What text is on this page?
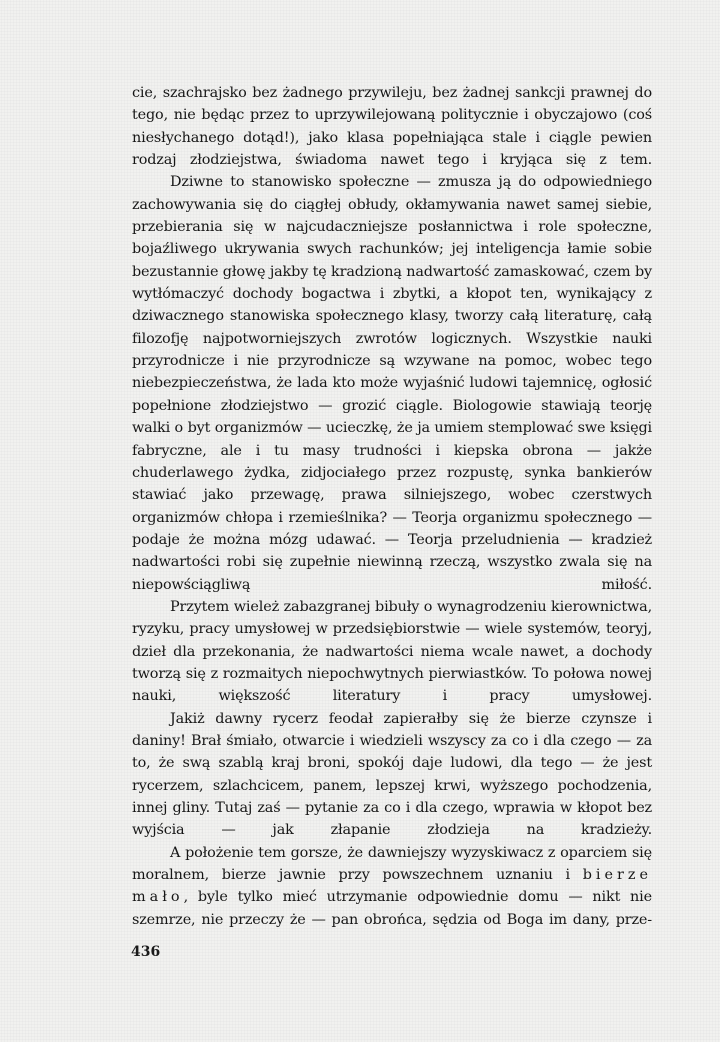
cie, szachrajsko bez żadnego przywileju, bez żadnej sankcji prawnej do tego, nie będąc przez to uprzywilejowaną politycznie i obyczajowo (coś niesłychanego dotąd!), jako klasa popełniająca stale i ciągle pewien rodzaj złodziejstwa, świadoma nawet tego i kryjąca się z tem.

Dziwne to stanowisko społeczne — zmusza ją do odpowiedniego zachowywania się do ciągłej obłudy, okłamywania nawet samej siebie, przebierania się w najcudaczniejsze posłannictwa i role społeczne, bojaźliwego ukrywania swych rachunków; jej inteligencja łamie sobie bezustannie głowę jakby tę kradzioną nadwartość zamaskować, czem by wytłómaczyć dochody bogactwa i zbytki, a kłopot ten, wynikający z dziwacznego stanowiska społecznego klasy, tworzy całą literaturę, całą filozofję najpotworniejszych zwrotów logicznych. Wszystkie nauki przyrodnicze i nie przyrodnicze są wzywane na pomoc, wobec tego niebezpieczeństwa, że lada kto może wyjaśnić ludowi tajemnicę, ogłosić popełnione złodziejstwo — grozić ciągle. Biologowie stawiają teorję walki o byt organizmów — ucieczkę, że ja umiem stemplować swe księgi fabryczne, ale i tu masy trudności i kiepska obrona — jakże chuderlawego żydka, zidjociałego przez rozpustę, synka bankierów stawiać jako przewagę, prawa silniejszego, wobec czerstwych organizmów chłopa i rzemieślnika? — Teorja organizmu społecznego — podaje że można mózg udawać. — Teorja przeludnienia — kradzież nadwartości robi się zupełnie niewinną rzeczą, wszystko zwala się na niepowściągliwą miłość.

Przytem wieleż zabazgranej bibuły o wynagrodzeniu kierownictwa, ryzyku, pracy umysłowej w przedsiębiorstwie — wiele systemów, teoryj, dzieł dla przekonania, że nadwartości niema wcale nawet, a dochody tworzą się z rozmaitych niepochwytnych pierwiastków. To połowa nowej nauki, większość literatury i pracy umysłowej.

Jakiż dawny rycerz feodał zapierałby się że bierze czynsze i daniny! Brał śmiało, otwarcie i wiedzieli wszyscy za co i dla czego — za to, że swą szablą kraj broni, spokój daje ludowi, dla tego — że jest rycerzem, szlachcicem, panem, lepszej krwi, wyższego pochodzenia, innej gliny. Tutaj zaś — pytanie za co i dla czego, wprawia w kłopot bez wyjścia — jak złapanie złodzieja na kradzieży.

A położenie tem gorsze, że dawniejszy wyzyskiwacz z oparciem się moralnem, bierze jawnie przy powszechnem uznaniu i bierze mało, byle tylko mieć utrzymanie odpowiednie domu — nikt nie szemrze, nie przeczy że — pan obrońca, sędzia od Boga im dany, prze-

436
